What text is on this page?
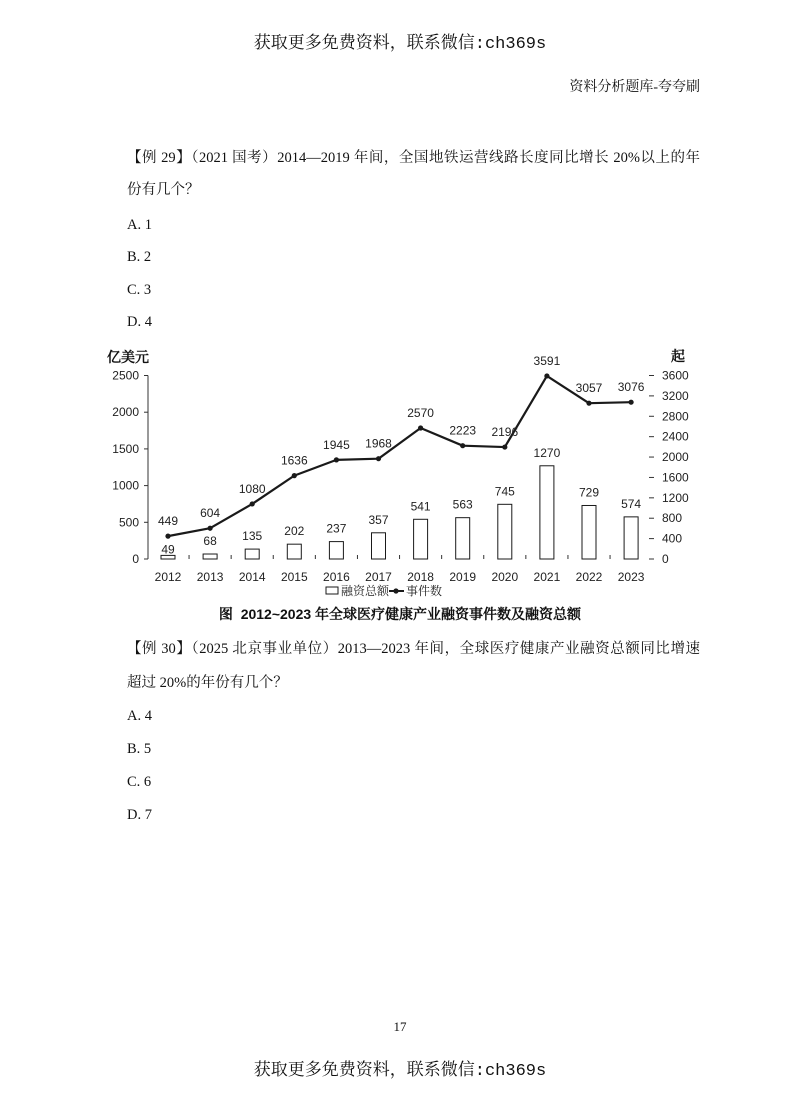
获取更多免费资料，联系微信:ch369s
资料分析题库-夸夸刷
【例 29】（2021 国考）2014—2019 年间，全国地铁运营线路长度同比增长 20%以上的年
份有几个？
A. 1
B. 2
C. 3
D. 4
亿美元	起
融资总额 事件数
0
500
1000
1500
2000
2500
0
400
800
1200
1600
2000
2400
2800
3200
3600
2012 2013 2014 2015 2016 2017 2018 2019 2020 2021 2022 2023
49
68 135 202 237
357
541 563
745
1270
729
574
449
604
1080
1636
1945 1968
2570
2223 2196
3591
3057 3076
图  2012~2023 年全球医疗健康产业融资事件数及融资总额
【例 30】（2025 北京事业单位）2013—2023 年间，全球医疗健康产业融资总额同比增速
超过 20%的年份有几个？
A. 4
B. 5
C. 6
D. 7
17
获取更多免费资料，联系微信:ch369s
